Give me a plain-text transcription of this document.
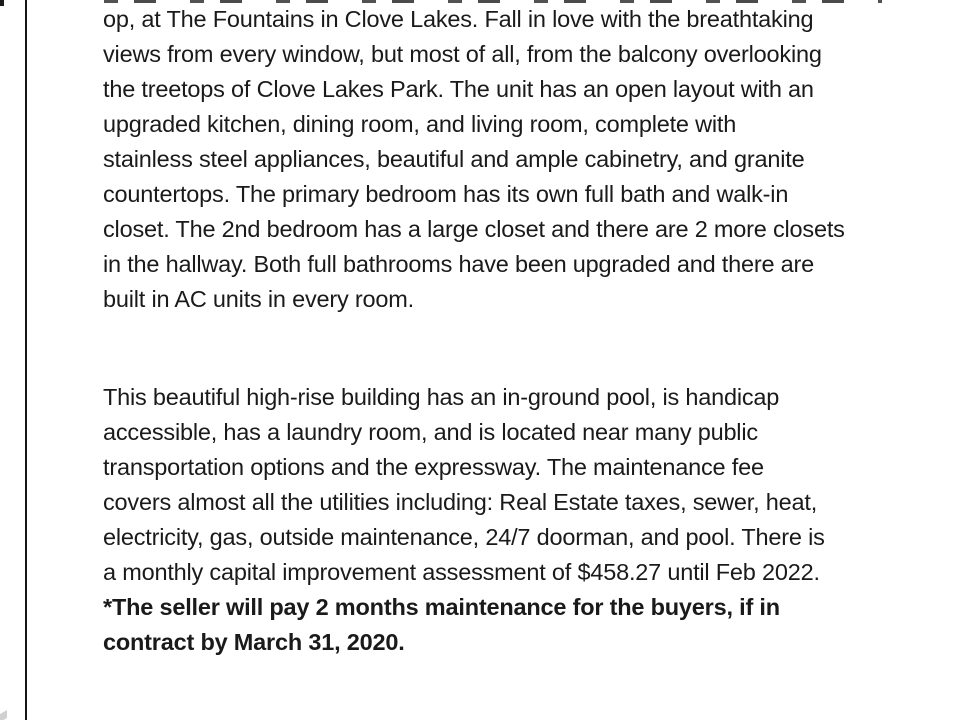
op, at The Fountains in Clove Lakes. Fall in love with the breathtaking
views from every window, but most of all, from the balcony overlooking
the treetops of Clove Lakes Park. The unit has an open layout with an
upgraded kitchen, dining room, and living room, complete with
stainless steel appliances, beautiful and ample cabinetry, and granite
countertops. The primary bedroom has its own full bath and walk-in
closet. The 2nd bedroom has a large closet and there are 2 more closets
in the hallway. Both full bathrooms have been upgraded and there are
built in AC units in every room.

This beautiful high-rise building has an in-ground pool, is handicap
accessible, has a laundry room, and is located near many public
transportation options and the expressway. The maintenance fee
covers almost all the utilities including: Real Estate taxes, sewer, heat,
electricity, gas, outside maintenance, 24/7 doorman, and pool. There is
a monthly capital improvement assessment of $458.27 until Feb 2022.

*The seller will pay 2 months maintenance for the buyers, if in
contract by March 31, 2020.
